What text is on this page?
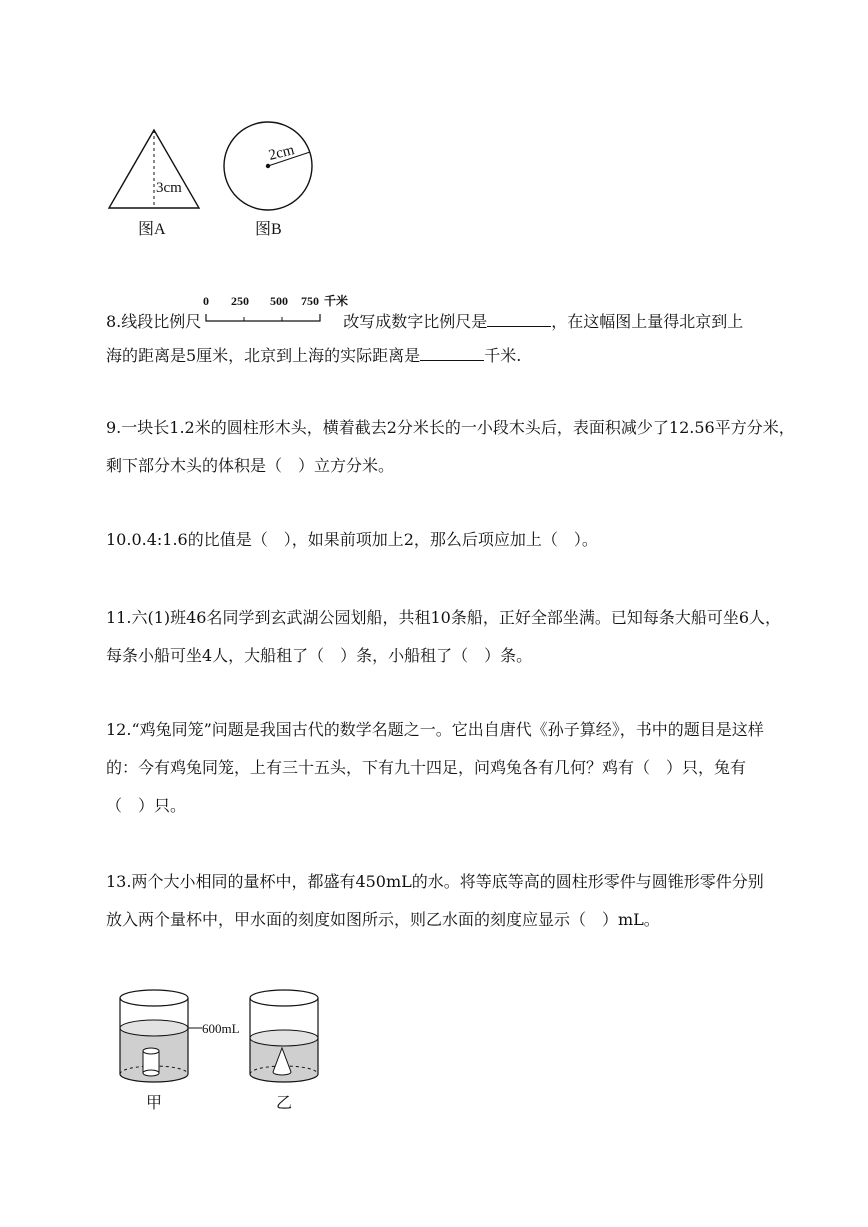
3cm
2cm
图A	图B
8.线段比例尺	改写成数字比例尺是	，在这幅图上量得北京到上
0 250 500 750 千米
海的距离是5厘米，北京到上海的实际距离是	千米.
9.一块长1.2米的圆柱形木头，横着截去2分米长的一小段木头后，表面积减少了12.56平方分米，
剩下部分木头的体积是（　）立方分米。
10.0.4:1.6的比值是（　），如果前项加上2，那么后项应加上（　）。
11.六(1)班46名同学到玄武湖公园划船，共租10条船，正好全部坐满。已知每条大船可坐6人，
每条小船可坐4人，大船租了（　）条，小船租了（　）条。
12.“鸡兔同笼”问题是我国古代的数学名题之一。它出自唐代《孙子算经》，书中的题目是这样
的：今有鸡兔同笼，上有三十五头，下有九十四足，问鸡兔各有几何？鸡有（　）只，兔有
（　）只。
13.两个大小相同的量杯中，都盛有450mL的水。将等底等高的圆柱形零件与圆锥形零件分别
放入两个量杯中，甲水面的刻度如图所示，则乙水面的刻度应显示（　）mL。
600mL
甲	乙
